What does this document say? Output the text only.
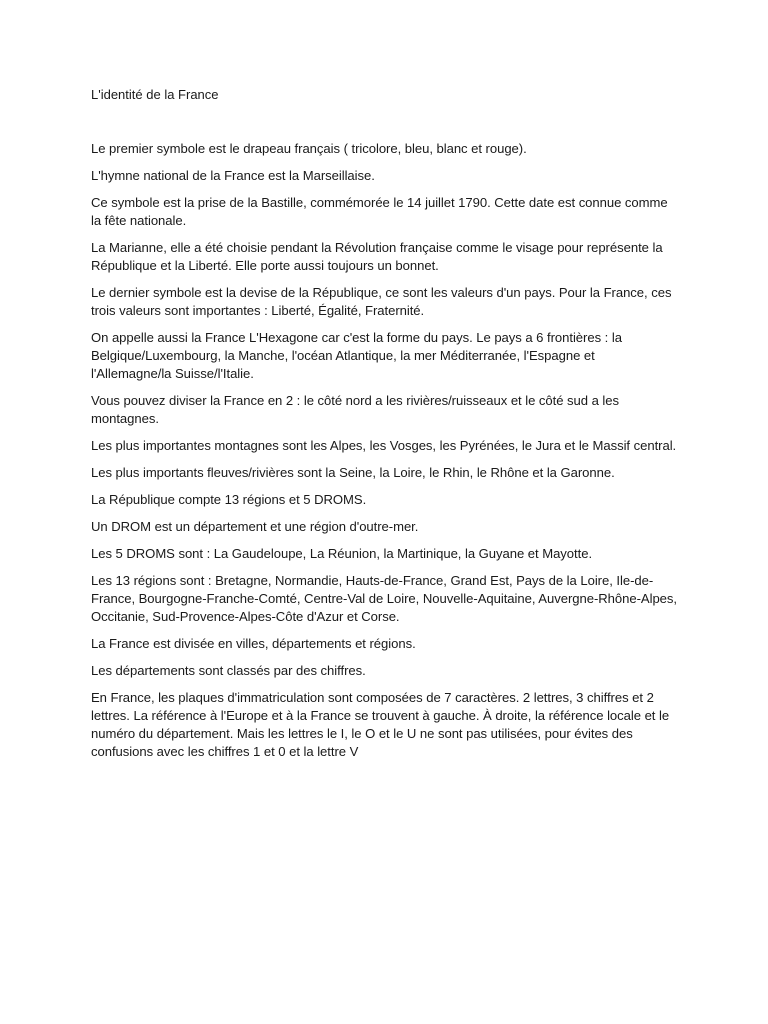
L'identité de la France

Le premier symbole est le drapeau français ( tricolore, bleu, blanc et rouge).

L'hymne national de la France est la Marseillaise.

Ce symbole est la prise de la Bastille, commémorée le 14 juillet 1790. Cette date est connue comme la fête nationale.

La Marianne, elle a été choisie pendant la Révolution française comme le visage pour représente la République et la Liberté. Elle porte aussi toujours un bonnet.

Le dernier symbole est la devise de la République, ce sont les valeurs d'un pays. Pour la France, ces trois valeurs sont importantes : Liberté, Égalité, Fraternité.

On appelle aussi la France L'Hexagone car c'est la forme du pays. Le pays a 6 frontières : la Belgique/Luxembourg, la Manche, l'océan Atlantique, la mer Méditerranée, l'Espagne et l'Allemagne/la Suisse/l'Italie.

Vous pouvez diviser la France en 2 : le côté nord a les rivières/ruisseaux et le côté sud a les montagnes.

Les plus importantes montagnes sont les Alpes, les Vosges, les Pyrénées, le Jura et le Massif central.

Les plus importants fleuves/rivières sont la Seine, la Loire, le Rhin, le Rhône et la Garonne.

La République compte 13 régions et 5 DROMS.

Un DROM est un département et une région d'outre-mer.

Les 5 DROMS sont : La Gaudeloupe, La Réunion, la Martinique, la Guyane et Mayotte.

Les 13 régions sont : Bretagne, Normandie, Hauts-de-France, Grand Est, Pays de la Loire, Ile-de-France, Bourgogne-Franche-Comté, Centre-Val de Loire, Nouvelle-Aquitaine, Auvergne-Rhône-Alpes, Occitanie, Sud-Provence-Alpes-Côte d'Azur et Corse.

La France est divisée en villes, départements et régions.

Les départements sont classés par des chiffres.

En France, les plaques d'immatriculation sont composées de 7 caractères. 2 lettres, 3 chiffres et 2 lettres. La référence à l'Europe et à la France se trouvent à gauche. À droite, la référence locale et le numéro du département. Mais les lettres le I, le O et le U ne sont pas utilisées, pour évites des confusions avec les chiffres 1 et 0 et la lettre V
